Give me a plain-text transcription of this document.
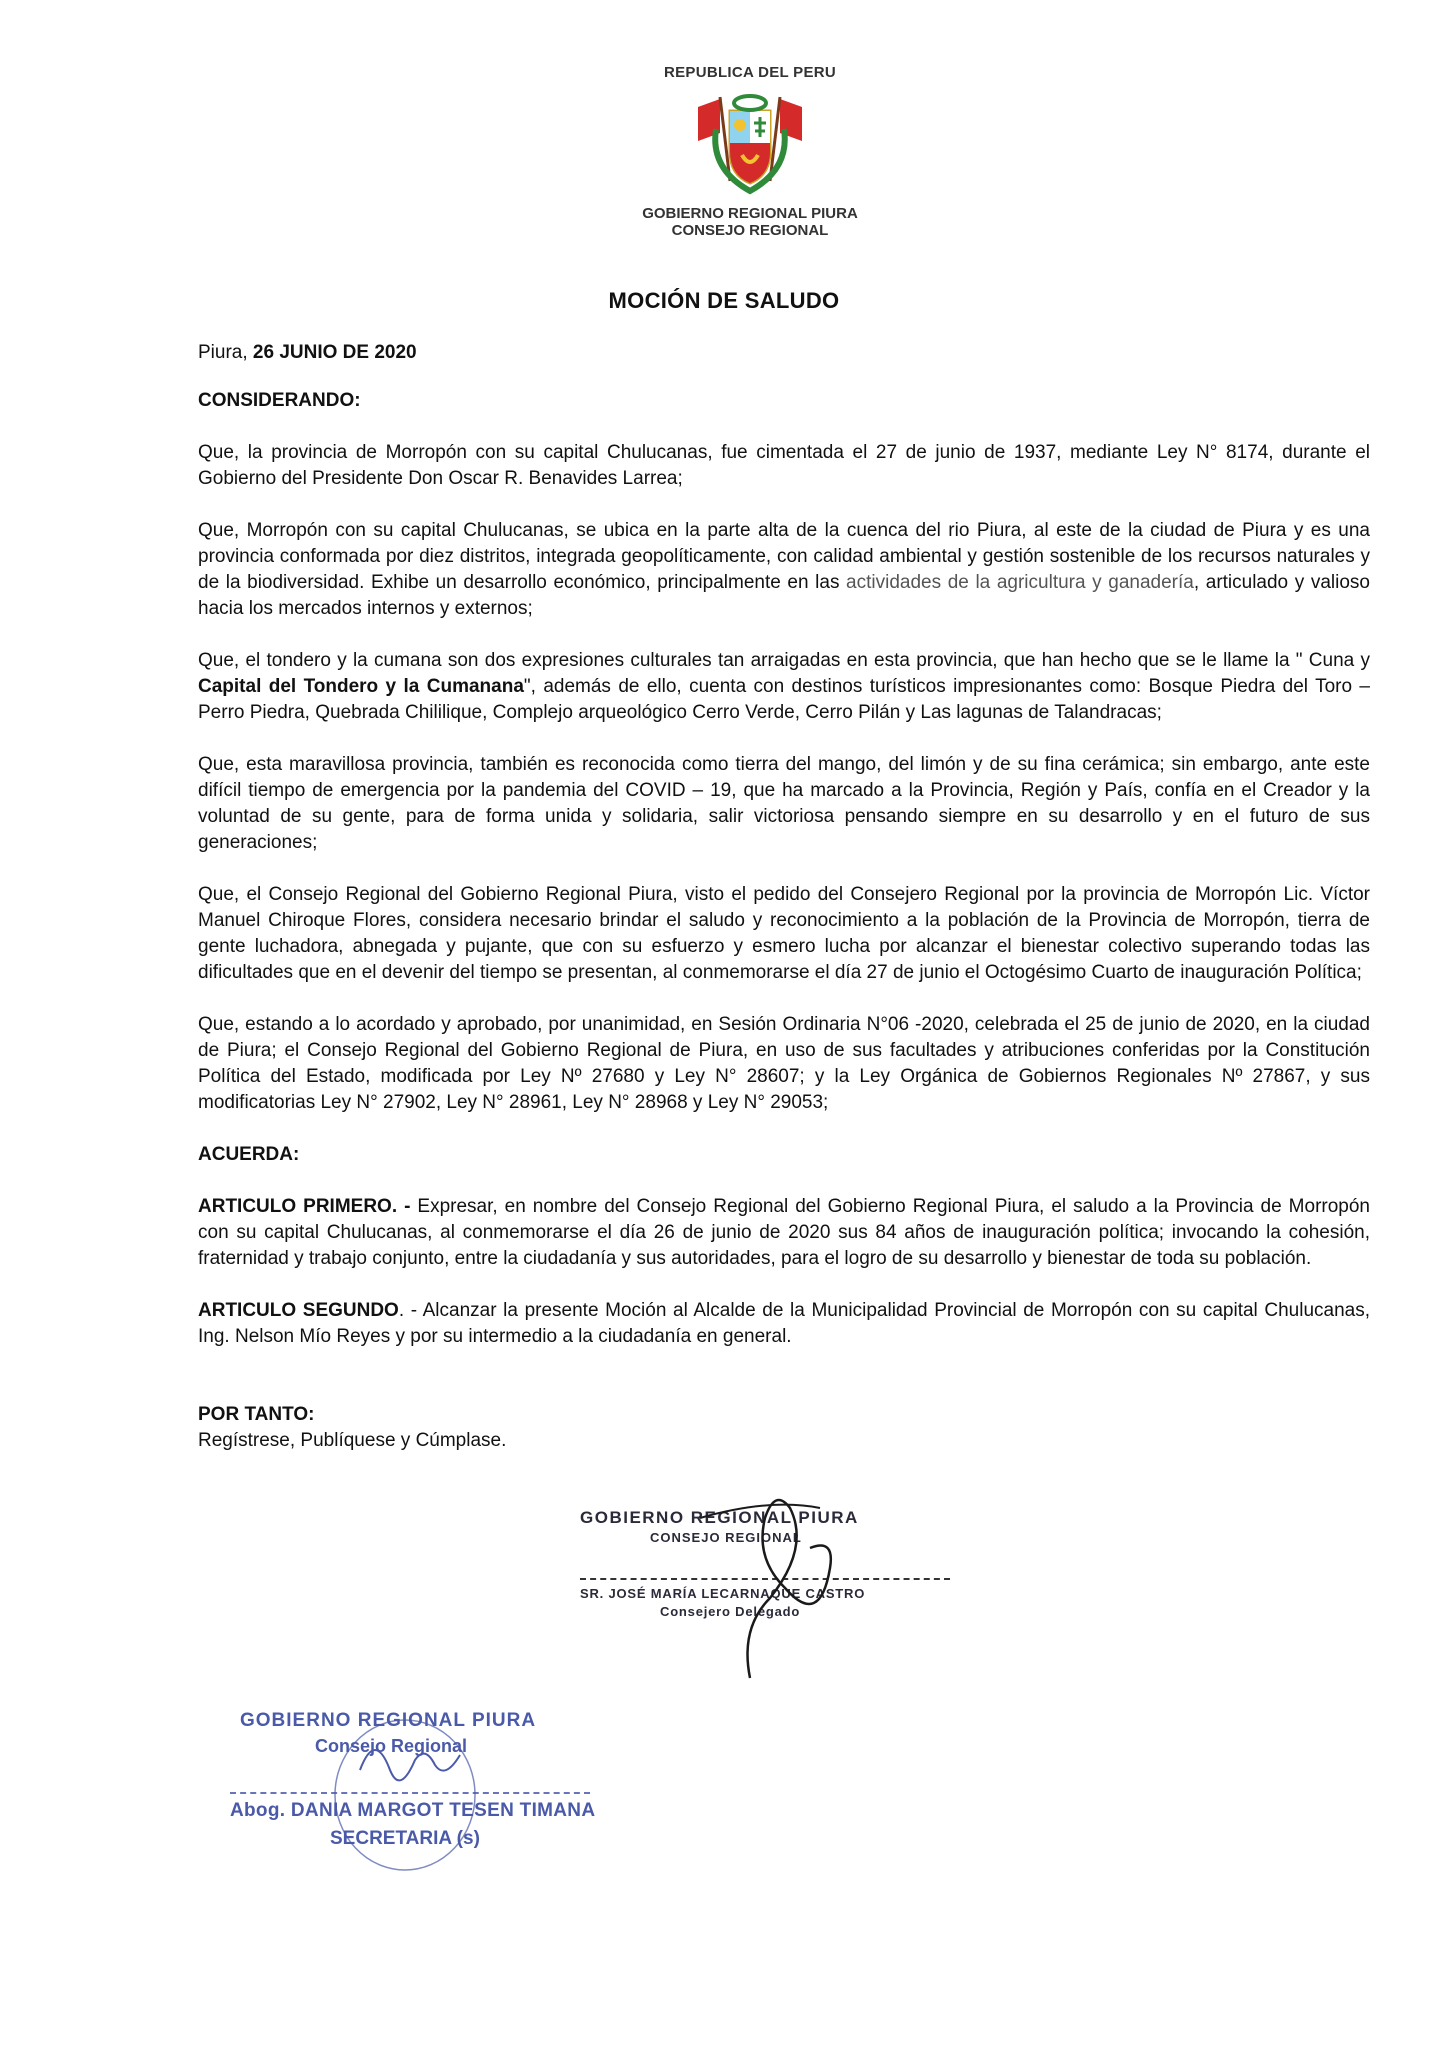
REPUBLICA DEL PERU
GOBIERNO REGIONAL PIURA
CONSEJO REGIONAL
MOCIÓN DE SALUDO

Piura, 26 JUNIO DE 2020

CONSIDERANDO:

Que, la provincia de Morropón con su capital Chulucanas, fue cimentada el 27 de junio de 1937, mediante Ley N° 8174, durante el Gobierno del Presidente Don Oscar R. Benavides Larrea;

Que, Morropón con su capital Chulucanas, se ubica en la parte alta de la cuenca del rio Piura, al este de la ciudad de Piura y es una provincia conformada por diez distritos, integrada geopolíticamente, con calidad ambiental y gestión sostenible de los recursos naturales y de la biodiversidad. Exhibe un desarrollo económico, principalmente en las actividades de la agricultura y ganadería, articulado y valioso hacia los mercados internos y externos;

Que, el tondero y la cumana son dos expresiones culturales tan arraigadas en esta provincia, que han hecho que se le llame la " Cuna y Capital del Tondero y la Cumanana", además de ello, cuenta con destinos turísticos impresionantes como: Bosque Piedra del Toro – Perro Piedra, Quebrada Chililique, Complejo arqueológico Cerro Verde, Cerro Pilán y Las lagunas de Talandracas;

Que, esta maravillosa provincia, también es reconocida como tierra del mango, del limón y de su fina cerámica; sin embargo, ante este difícil tiempo de emergencia por la pandemia del COVID – 19, que ha marcado a la Provincia, Región y País, confía en el Creador y la voluntad de su gente, para de forma unida y solidaria, salir victoriosa pensando siempre en su desarrollo y en el futuro de sus generaciones;

Que, el Consejo Regional del Gobierno Regional Piura, visto el pedido del Consejero Regional por la provincia de Morropón Lic. Víctor Manuel Chiroque Flores, considera necesario brindar el saludo y reconocimiento a la población de la Provincia de Morropón, tierra de gente luchadora, abnegada y pujante, que con su esfuerzo y esmero lucha por alcanzar el bienestar colectivo superando todas las dificultades que en el devenir del tiempo se presentan, al conmemorarse el día 27 de junio el Octogésimo Cuarto de inauguración Política;

Que, estando a lo acordado y aprobado, por unanimidad, en Sesión Ordinaria N°06 -2020, celebrada el 25 de junio de 2020, en la ciudad de Piura; el Consejo Regional del Gobierno Regional de Piura, en uso de sus facultades y atribuciones conferidas por la Constitución Política del Estado, modificada por Ley Nº 27680 y Ley N° 28607; y la Ley Orgánica de Gobiernos Regionales Nº 27867, y sus modificatorias Ley N° 27902, Ley N° 28961, Ley N° 28968 y Ley N° 29053;

ACUERDA:

ARTICULO PRIMERO. - Expresar, en nombre del Consejo Regional del Gobierno Regional Piura, el saludo a la Provincia de Morropón con su capital Chulucanas, al conmemorarse el día 26 de junio de 2020 sus 84 años de inauguración política; invocando la cohesión, fraternidad y trabajo conjunto, entre la ciudadanía y sus autoridades, para el logro de su desarrollo y bienestar de toda su población.

ARTICULO SEGUNDO. - Alcanzar la presente Moción al Alcalde de la Municipalidad Provincial de Morropón con su capital Chulucanas, Ing. Nelson Mío Reyes y por su intermedio a la ciudadanía en general.

POR TANTO:

Regístrese, Publíquese y Cúmplase.

GOBIERNO REGIONAL PIURA
CONSEJO REGIONAL
SR. JOSÉ MARÍA LECARNAQUE CASTRO
Consejero Delegado
GOBIERNO REGIONAL PIURA
Consejo Regional
Abog. DANIA MARGOT TESEN TIMANA
SECRETARIA (s)
